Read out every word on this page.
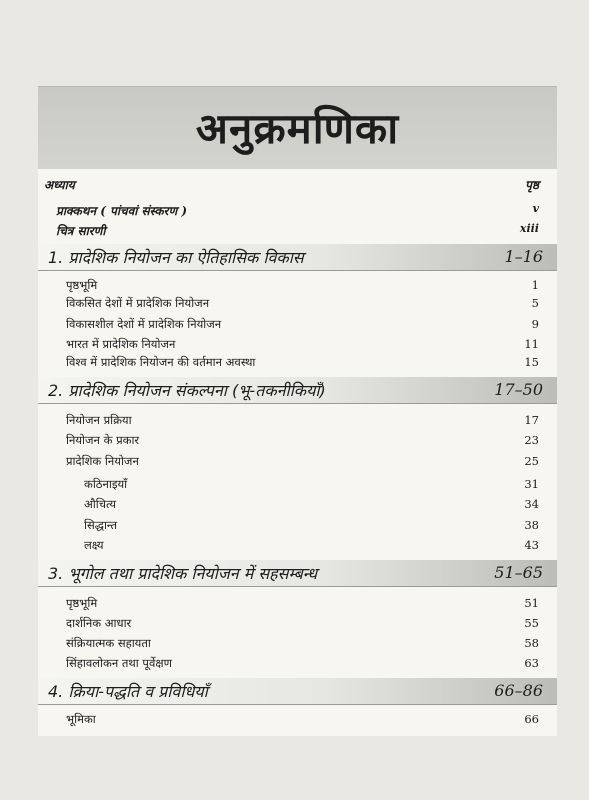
अनुक्रमणिका
अध्याय	पृष्ठ
प्राक्कथन ( पांचवां संस्करण )	v
चित्र सारणी	xiii
1. प्रादेशिक नियोजन का ऐतिहासिक विकास	1–16
पृष्ठभूमि	1
विकसित देशों में प्रादेशिक नियोजन	5
विकासशील देशों में प्रादेशिक नियोजन	9
भारत में प्रादेशिक नियोजन	11
विश्व में प्रादेशिक नियोजन की वर्तमान अवस्था	15
2. प्रादेशिक नियोजन संकल्पना (भू-तकनीकियाँ)	17–50
नियोजन प्रक्रिया	17
नियोजन के प्रकार	23
प्रादेशिक नियोजन	25
कठिनाइयाँ	31
औचित्य	34
सिद्धान्त	38
लक्ष्य	43
3. भूगोल तथा प्रादेशिक नियोजन में सहसम्बन्ध	51–65
पृष्ठभूमि	51
दार्शनिक आधार	55
संक्रियात्मक सहायता	58
सिंहावलोकन तथा पूर्वेक्षण	63
4. क्रिया-पद्धति व प्रविधियाँ	66–86
भूमिका	66
